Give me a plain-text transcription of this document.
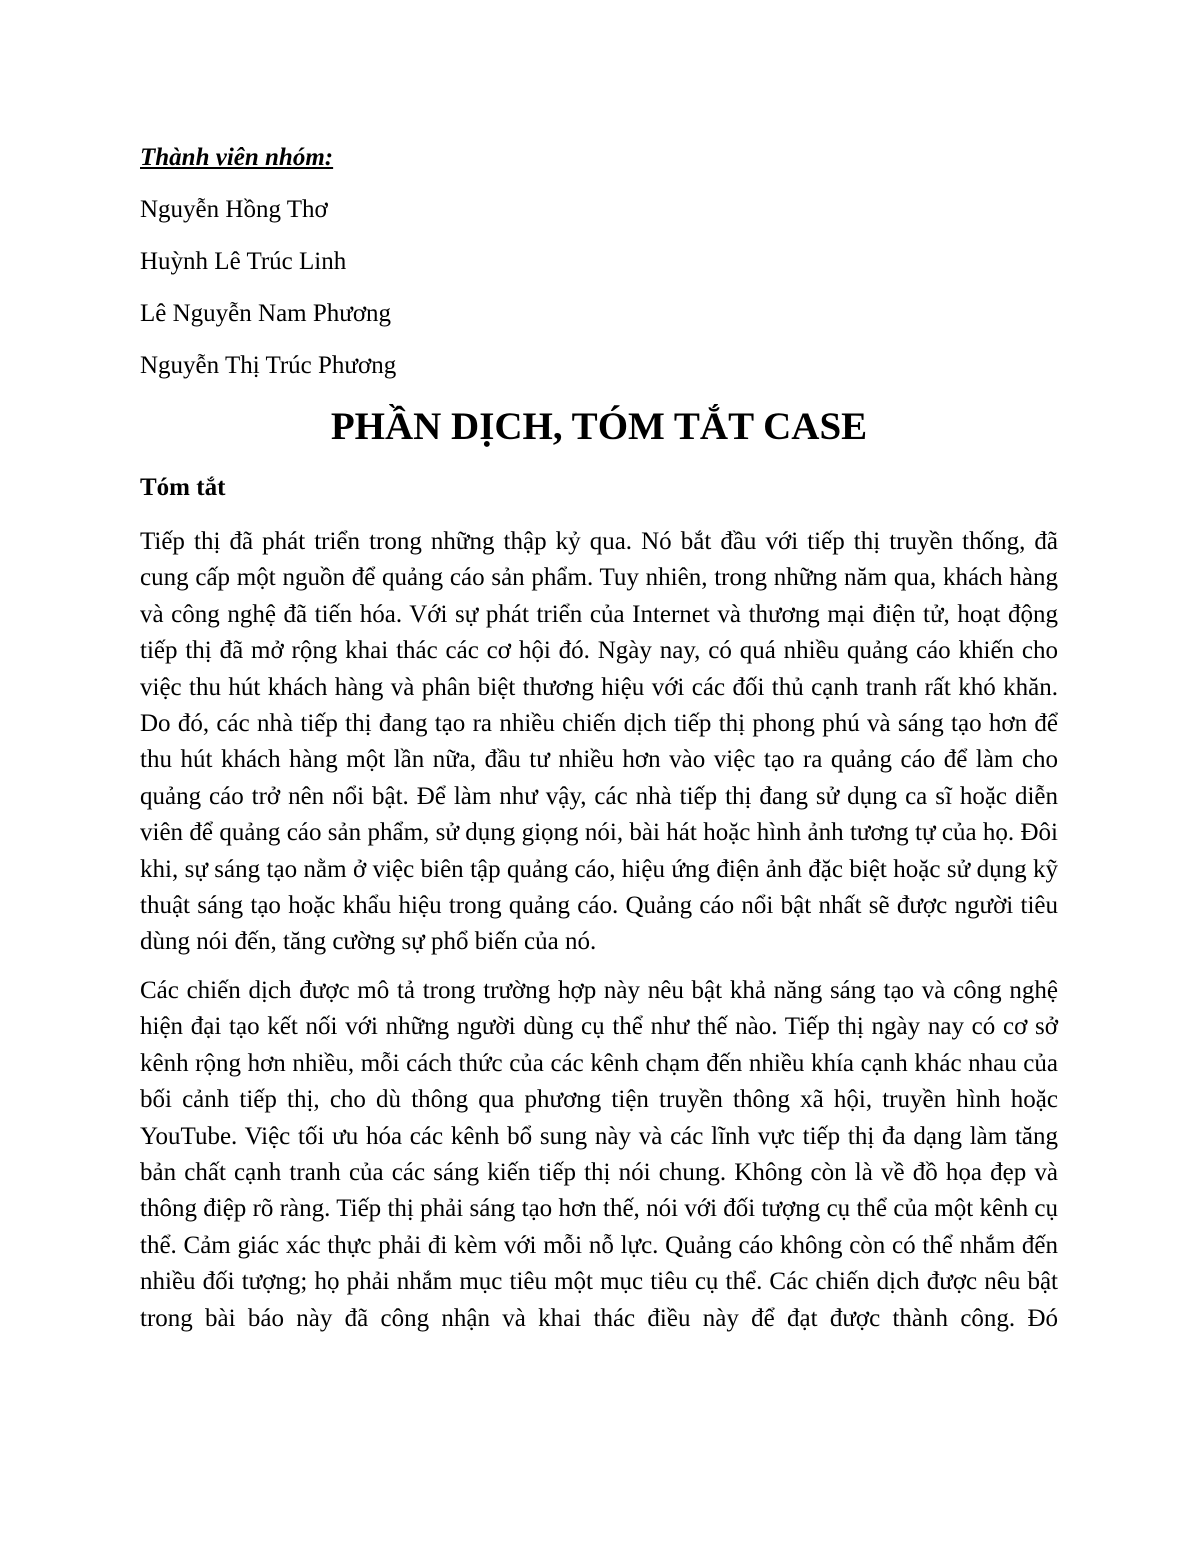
Thành viên nhóm:

Nguyễn Hồng Thơ

Huỳnh Lê Trúc Linh

Lê Nguyễn Nam Phương

Nguyễn Thị Trúc Phương

PHẦN DỊCH, TÓM TẮT CASE
Tóm tắt

Tiếp thị đã phát triển trong những thập kỷ qua. Nó bắt đầu với tiếp thị truyền thống, đã cung cấp một nguồn để quảng cáo sản phẩm. Tuy nhiên, trong những năm qua, khách hàng và công nghệ đã tiến hóa. Với sự phát triển của Internet và thương mại điện tử, hoạt động tiếp thị đã mở rộng khai thác các cơ hội đó. Ngày nay, có quá nhiều quảng cáo khiến cho việc thu hút khách hàng và phân biệt thương hiệu với các đối thủ cạnh tranh rất khó khăn. Do đó, các nhà tiếp thị đang tạo ra nhiều chiến dịch tiếp thị phong phú và sáng tạo hơn để thu hút khách hàng một lần nữa, đầu tư nhiều hơn vào việc tạo ra quảng cáo để làm cho quảng cáo trở nên nổi bật. Để làm như vậy, các nhà tiếp thị đang sử dụng ca sĩ hoặc diễn viên để quảng cáo sản phẩm, sử dụng giọng nói, bài hát hoặc hình ảnh tương tự của họ. Đôi khi, sự sáng tạo nằm ở việc biên tập quảng cáo, hiệu ứng điện ảnh đặc biệt hoặc sử dụng kỹ thuật sáng tạo hoặc khẩu hiệu trong quảng cáo. Quảng cáo nổi bật nhất sẽ được người tiêu dùng nói đến, tăng cường sự phổ biến của nó.

Các chiến dịch được mô tả trong trường hợp này nêu bật khả năng sáng tạo và công nghệ hiện đại tạo kết nối với những người dùng cụ thể như thế nào. Tiếp thị ngày nay có cơ sở kênh rộng hơn nhiều, mỗi cách thức của các kênh chạm đến nhiều khía cạnh khác nhau của bối cảnh tiếp thị, cho dù thông qua phương tiện truyền thông xã hội, truyền hình hoặc YouTube. Việc tối ưu hóa các kênh bổ sung này và các lĩnh vực tiếp thị đa dạng làm tăng bản chất cạnh tranh của các sáng kiến tiếp thị nói chung. Không còn là về đồ họa đẹp và thông điệp rõ ràng. Tiếp thị phải sáng tạo hơn thế, nói với đối tượng cụ thể của một kênh cụ thể. Cảm giác xác thực phải đi kèm với mỗi nỗ lực. Quảng cáo không còn có thể nhắm đến nhiều đối tượng; họ phải nhắm mục tiêu một mục tiêu cụ thể. Các chiến dịch được nêu bật trong bài báo này đã công nhận và khai thác điều này để đạt được thành công. Đó
